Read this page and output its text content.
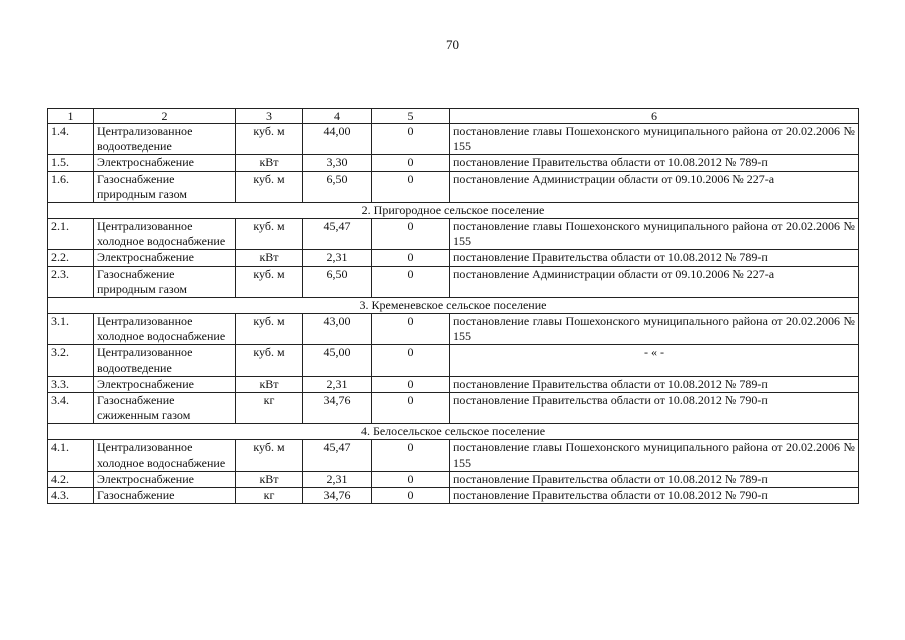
70
1	2	3	4	5	6
1.4.	Централизованное водоотведение	куб. м	44,00	0	постановление главы Пошехонского муниципального района от 20.02.2006 № 155
1.5.	Электроснабжение	кВт	3,30	0	постановление Правительства области от 10.08.2012 № 789-п
1.6.	Газоснабжение природным газом	куб. м	6,50	0	постановление Администрации области от 09.10.2006 № 227-а
2. Пригородное сельское поселение					
2.1.	Централизованное холодное водоснабжение	куб. м	45,47	0	постановление главы Пошехонского муниципального района от 20.02.2006 № 155
2.2.	Электроснабжение	кВт	2,31	0	постановление Правительства области от 10.08.2012 № 789-п
2.3.	Газоснабжение природным газом	куб. м	6,50	0	постановление Администрации области от 09.10.2006 № 227-а
3. Кременевское сельское поселение					
3.1.	Централизованное холодное водоснабжение	куб. м	43,00	0	постановление главы Пошехонского муниципального района от 20.02.2006 № 155
3.2.	Централизованное водоотведение	куб. м	45,00	0	- « -
3.3.	Электроснабжение	кВт	2,31	0	постановление Правительства области от 10.08.2012 № 789-п
3.4.	Газоснабжение сжиженным газом	кг	34,76	0	постановление Правительства области от 10.08.2012 № 790-п
4. Белосельское сельское поселение					
4.1.	Централизованное холодное водоснабжение	куб. м	45,47	0	постановление главы Пошехонского муниципального района от 20.02.2006 № 155
4.2.	Электроснабжение	кВт	2,31	0	постановление Правительства области от 10.08.2012 № 789-п
4.3.	Газоснабжение	кг	34,76	0	постановление Правительства области от 10.08.2012 № 790-п
